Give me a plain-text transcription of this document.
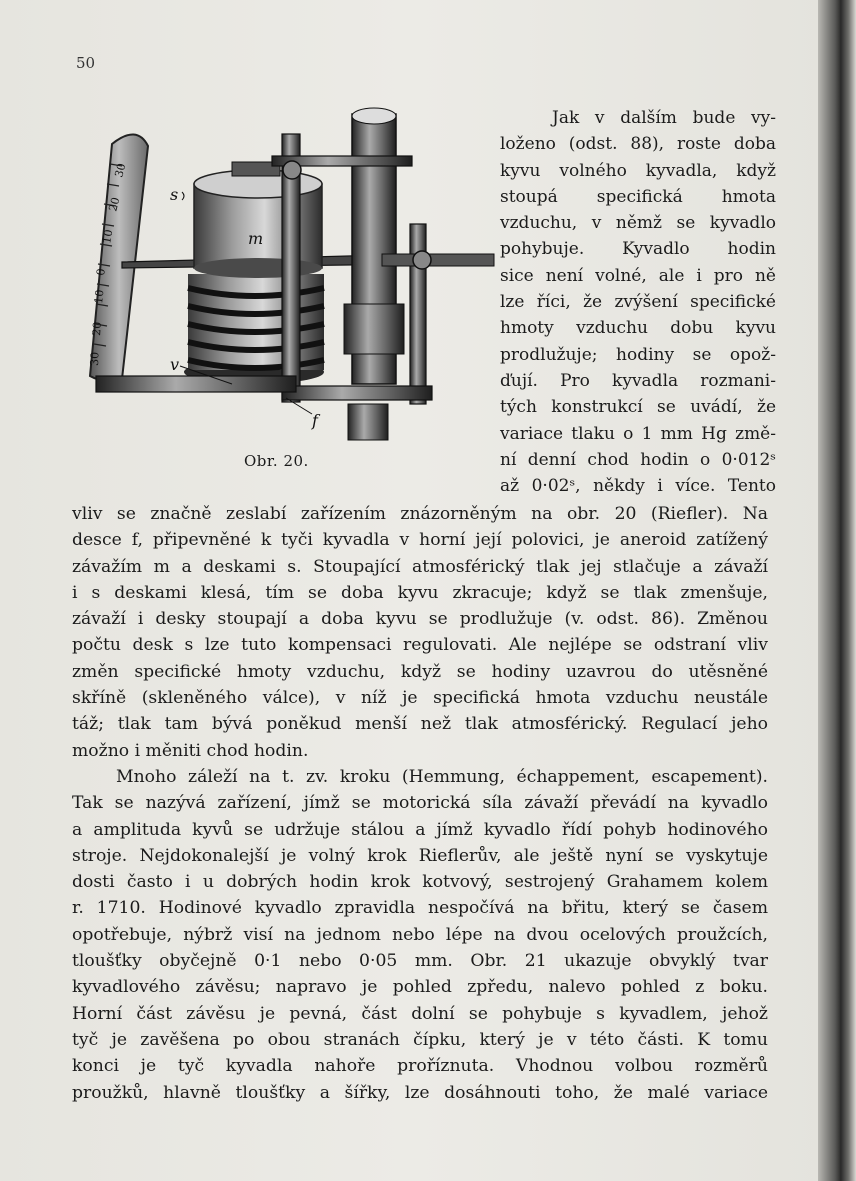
50
30
20
10
0
10
20
30
s
m
v
f
Obr. 20.
Jak v dalším bude vy-
loženo (odst. 88), roste doba
kyvu volného kyvadla, když
stoupá specifická hmota
vzduchu, v němž se kyvadlo
pohybuje. Kyvadlo hodin
sice není volné, ale i pro ně
lze říci, že zvýšení specifické
hmoty vzduchu dobu kyvu
prodlužuje; hodiny se opož-
ďují. Pro kyvadla rozmani-
tých konstrukcí se uvádí, že
variace tlaku o 1 mm Hg změ-
ní denní chod hodin o 0·012ˢ
až 0·02ˢ, někdy i více. Tento
vliv se značně zeslabí zařízením znázorněným na obr. 20 (Riefler). Na
desce f, připevněné k tyči kyvadla v horní její polovici, je aneroid zatížený
závažím m a deskami s. Stoupající atmosférický tlak jej stlačuje a závaží
i s deskami klesá, tím se doba kyvu zkracuje; když se tlak zmenšuje,
závaží i desky stoupají a doba kyvu se prodlužuje (v. odst. 86). Změnou
počtu desk s lze tuto kompensaci regulovati. Ale nejlépe se odstraní vliv
změn specifické hmoty vzduchu, když se hodiny uzavrou do utěsněné
skříně (skleněného válce), v níž je specifická hmota vzduchu neustále
táž; tlak tam bývá poněkud menší než tlak atmosférický. Regulací jeho
možno i měniti chod hodin.
Mnoho záleží na t. zv. kroku (Hemmung, échappement, escapement).
Tak se nazývá zařízení, jímž se motorická síla závaží převádí na kyvadlo
a amplituda kyvů se udržuje stálou a jímž kyvadlo řídí pohyb hodinového
stroje. Nejdokonalejší je volný krok Rieflerův, ale ještě nyní se vyskytuje
dosti často i u dobrých hodin krok kotvový, sestrojený Grahamem kolem
r. 1710. Hodinové kyvadlo zpravidla nespočívá na břitu, který se časem
opotřebuje, nýbrž visí na jednom nebo lépe na dvou ocelových proužcích,
tloušťky obyčejně 0·1 nebo 0·05 mm. Obr. 21 ukazuje obvyklý tvar
kyvadlového závěsu; napravo je pohled zpředu, nalevo pohled z boku.
Horní část závěsu je pevná, část dolní se pohybuje s kyvadlem, jehož
tyč je zavěšena po obou stranách čípku, který je v této části. K tomu
konci je tyč kyvadla nahoře proříznuta. Vhodnou volbou rozměrů
proužků, hlavně tloušťky a šířky, lze dosáhnouti toho, že malé variace
